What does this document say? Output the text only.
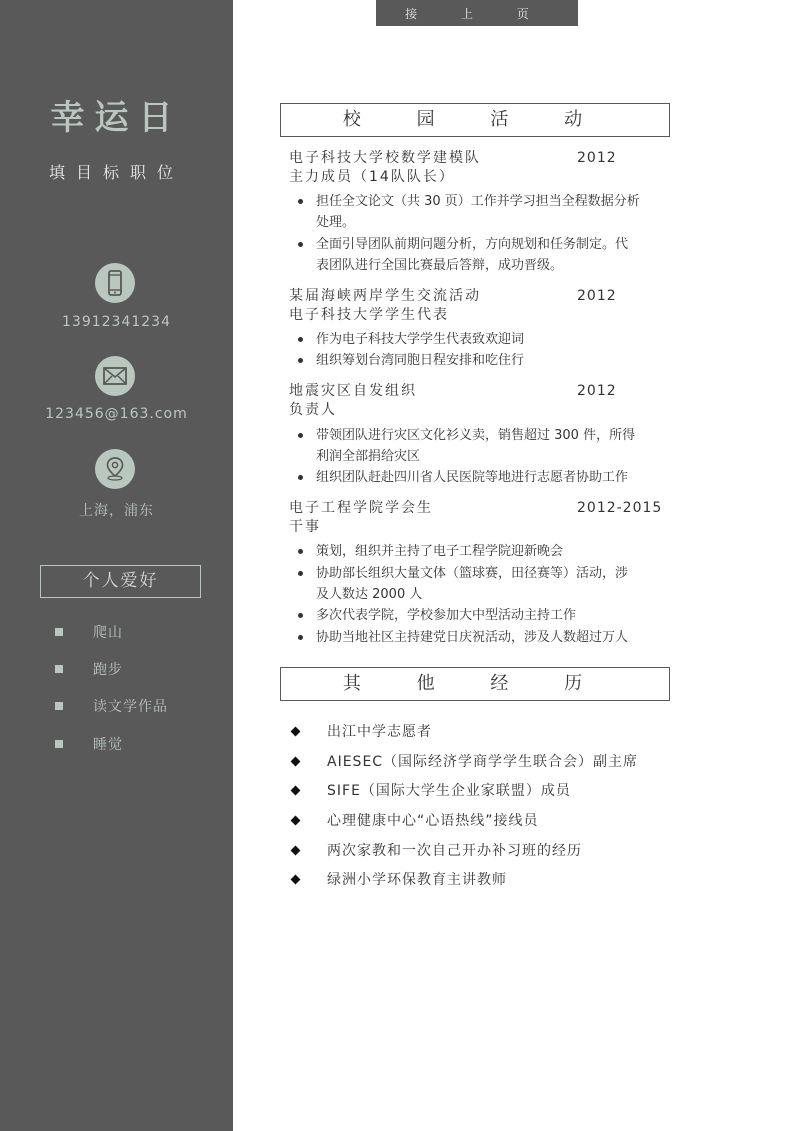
幸运日
填目标职位
13912341234
123456@163.com
上海，浦东
个人爱好
爬山
跑步
读文学作品
睡觉
接 上 页
校 园 活 动
电子科技大学校数学建模队	2012
主力成员（14队队长）
担任全文论文（共 30 页）工作并学习担当全程数据分析
处理。
全面引导团队前期问题分析，方向规划和任务制定。代
表团队进行全国比赛最后答辩，成功晋级。
某届海峡两岸学生交流活动	2012
电子科技大学学生代表
作为电子科技大学学生代表致欢迎词
组织筹划台湾同胞日程安排和吃住行
地震灾区自发组织	2012
负责人
带领团队进行灾区文化衫义卖，销售超过 300 件，所得
利润全部捐给灾区
组织团队赶赴四川省人民医院等地进行志愿者协助工作
电子工程学院学会生	2012-2015
干事
策划，组织并主持了电子工程学院迎新晚会
协助部长组织大量文体（篮球赛，田径赛等）活动，涉
及人数达 2000 人
多次代表学院，学校参加大中型活动主持工作
协助当地社区主持建党日庆祝活动，涉及人数超过万人
其 他 经 历
出江中学志愿者
AIESEC（国际经济学商学学生联合会）副主席
SIFE（国际大学生企业家联盟）成员
心理健康中心“心语热线”接线员
两次家教和一次自己开办补习班的经历
绿洲小学环保教育主讲教师
